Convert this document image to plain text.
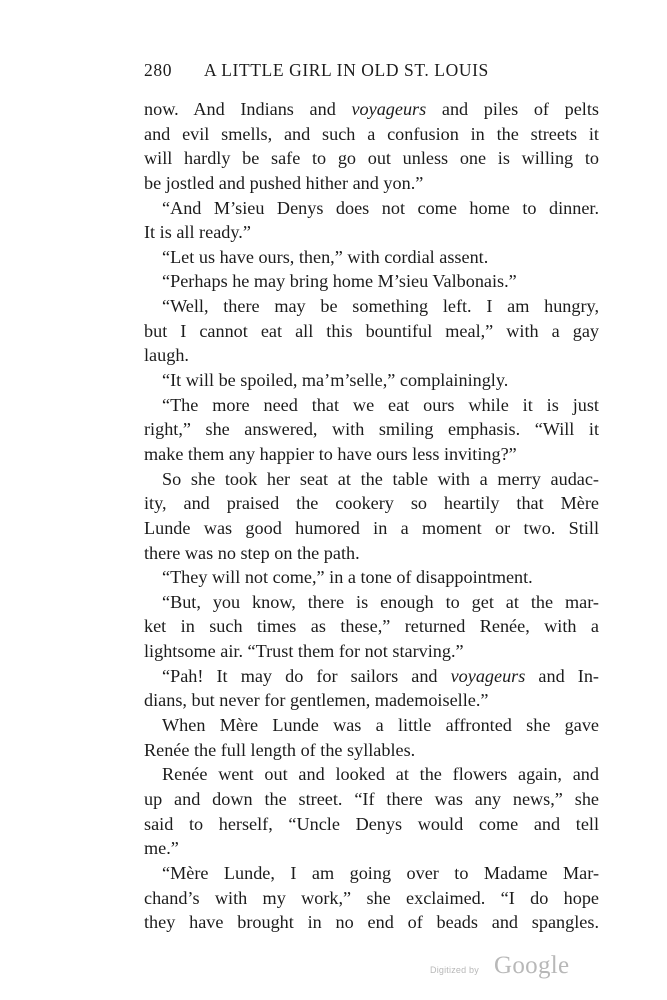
280 A LITTLE GIRL IN OLD ST. LOUIS
now. And Indians and voyageurs and piles of pelts
and evil smells, and such a confusion in the streets it
will hardly be safe to go out unless one is willing to
be jostled and pushed hither and yon.”
“And M’sieu Denys does not come home to dinner.
It is all ready.”
“Let us have ours, then,” with cordial assent.
“Perhaps he may bring home M’sieu Valbonais.”
“Well, there may be something left. I am hungry,
but I cannot eat all this bountiful meal,” with a gay
laugh.
“It will be spoiled, ma’m’selle,” complainingly.
“The more need that we eat ours while it is just
right,” she answered, with smiling emphasis. “Will it
make them any happier to have ours less inviting?”
So she took her seat at the table with a merry audac-
ity, and praised the cookery so heartily that Mère
Lunde was good humored in a moment or two. Still
there was no step on the path.
“They will not come,” in a tone of disappointment.
“But, you know, there is enough to get at the mar-
ket in such times as these,” returned Renée, with a
lightsome air. “Trust them for not starving.”
“Pah! It may do for sailors and voyageurs and In-
dians, but never for gentlemen, mademoiselle.”
When Mère Lunde was a little affronted she gave
Renée the full length of the syllables.
Renée went out and looked at the flowers again, and
up and down the street. “If there was any news,” she
said to herself, “Uncle Denys would come and tell
me.”
“Mère Lunde, I am going over to Madame Mar-
chand’s with my work,” she exclaimed. “I do hope
they have brought in no end of beads and spangles.
Digitized by Google
